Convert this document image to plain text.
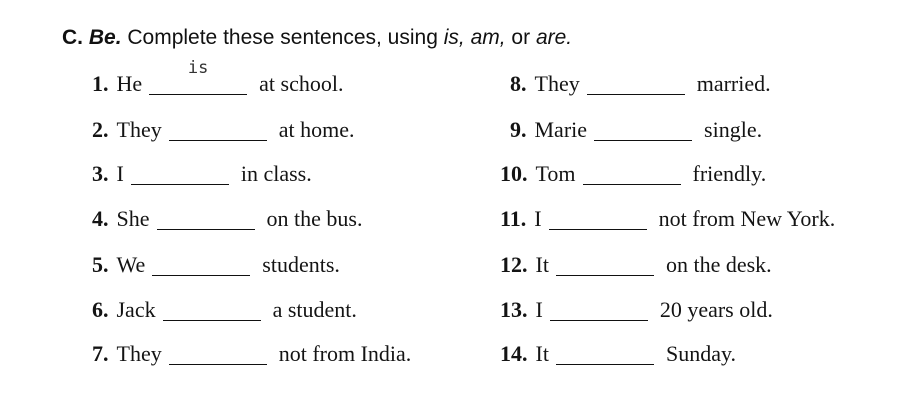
C. Be. Complete these sentences, using is, am, or are.
1. He
is
at school.
2. They	at home.
3. I	in class.
4. She	on the bus.
5. We	students.
6. Jack	a student.
7. They	not from India.
8. They	married.
9. Marie	single.
10. Tom	friendly.
11. I	not from New York.
12. It	on the desk.
13. I	20 years old.
14. It	Sunday.
